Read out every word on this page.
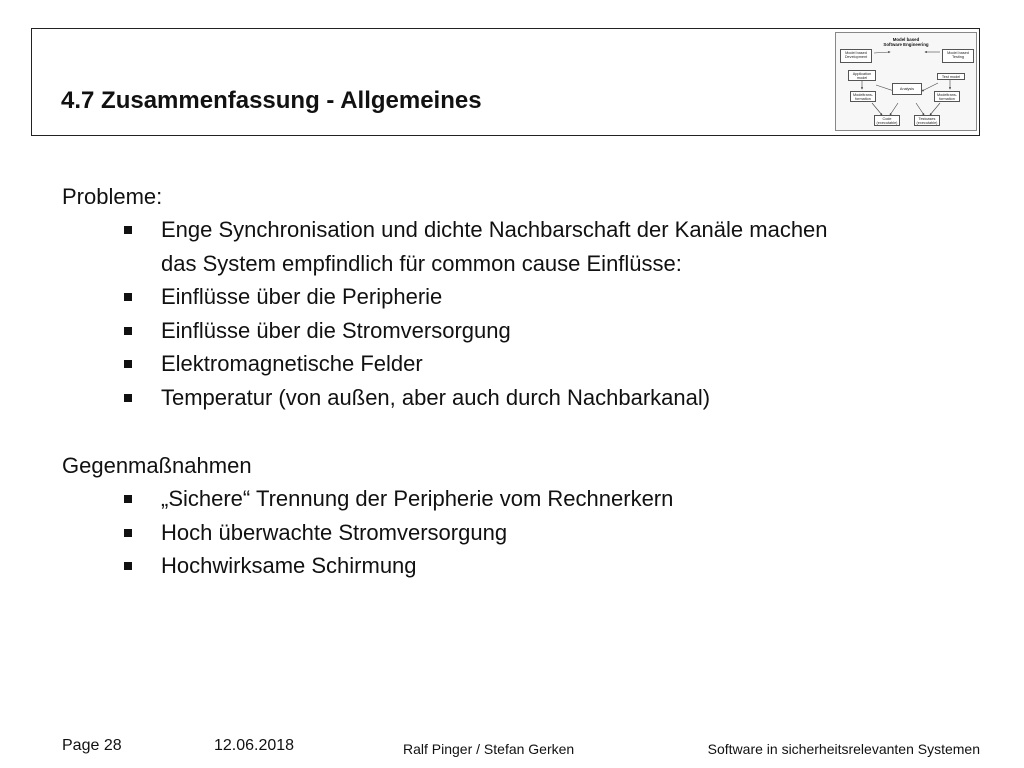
4.7 Zusammenfassung - Allgemeines
Model based
Software Engineering
Model based
Development
Model based
Testing
Application
model	Test model
Analysis
Modeltrans-
formation
Modeltrans-
formation
Code
(executable)
Testcases
(executable)

Probleme:

Enge Synchronisation und dichte Nachbarschaft der Kanäle machen
das System empfindlich für common cause Einflüsse:
Einflüsse über die Peripherie
Einflüsse über die Stromversorgung
Elektromagnetische Felder
Temperatur (von außen, aber auch durch Nachbarkanal)

Gegenmaßnahmen

„Sichere“ Trennung der Peripherie vom Rechnerkern
Hoch überwachte Stromversorgung
Hochwirksame Schirmung
Page 28	12.06.2018	Ralf Pinger / Stefan Gerken	Software in sicherheitsrelevanten Systemen
